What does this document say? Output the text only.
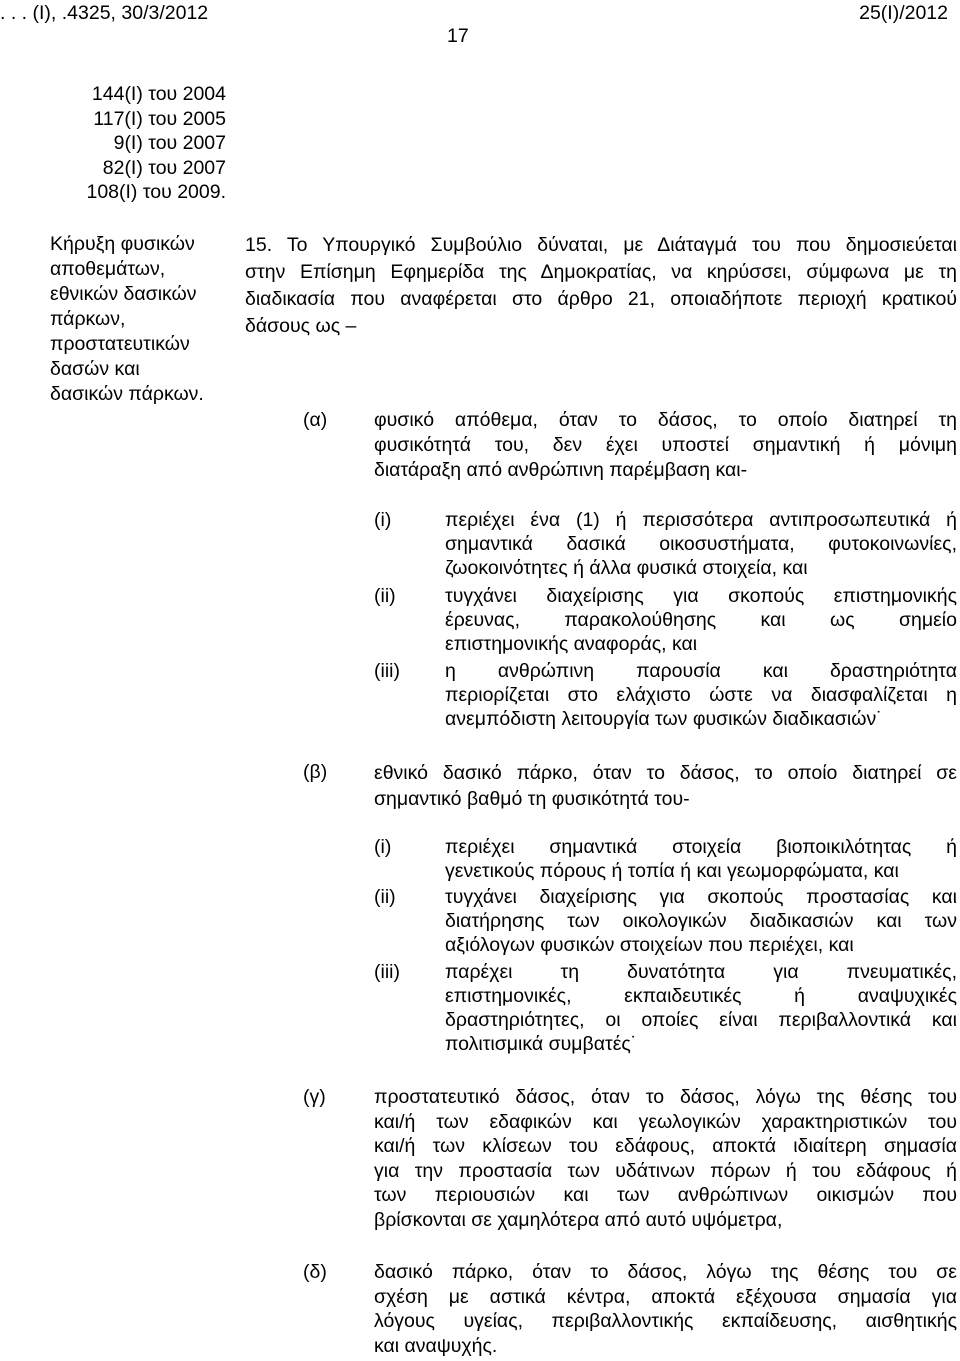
. . . (Ι), .4325, 30/3/2012	25(Ι)/2012
17
144(Ι) του 2004
117(Ι) του 2005
9(Ι) του 2007
82(Ι) του 2007
108(Ι) του 2009.
Κήρυξη φυσικών
αποθεμάτων,
εθνικών δασικών
πάρκων,
προστατευτικών
δασών και
δασικών πάρκων.
15. Το Υπουργικό Συμβούλιο δύναται, με Διάταγμά του που δημοσιεύεται
στην Επίσημη Εφημερίδα της Δημοκρατίας, να κηρύσσει, σύμφωνα με τη
διαδικασία που αναφέρεται στο άρθρο 21, οποιαδήποτε περιοχή κρατικού
δάσους ως –
(α) φυσικό απόθεμα, όταν το δάσος, το οποίο διατηρεί τη
φυσικότητά του, δεν έχει υποστεί σημαντική ή μόνιμη
διατάραξη από ανθρώπινη παρέμβαση και-
(i)	περιέχει ένα (1) ή περισσότερα αντιπροσωπευτικά ή
σημαντικά δασικά οικοσυστήματα, φυτοκοινωνίες,
ζωοκοινότητες ή άλλα φυσικά στοιχεία, και
(ii)	τυγχάνει διαχείρισης για σκοπούς επιστημονικής
έρευνας, παρακολούθησης και ως σημείο
επιστημονικής αναφοράς, και
(iii) η ανθρώπινη παρουσία και δραστηριότητα
περιορίζεται στο ελάχιστο ώστε να διασφαλίζεται η
ανεμπόδιστη λειτουργία των φυσικών διαδικασιών˙
(β) εθνικό δασικό πάρκο, όταν το δάσος, το οποίο διατηρεί σε
σημαντικό βαθμό τη φυσικότητά του-
(i)	περιέχει σημαντικά στοιχεία βιοποικιλότητας ή
γενετικούς πόρους ή τοπία ή και γεωμορφώματα, και
(ii)	τυγχάνει διαχείρισης για σκοπούς προστασίας και
διατήρησης των οικολογικών διαδικασιών και των
αξιόλογων φυσικών στοιχείων που περιέχει, και
(iii) παρέχει τη δυνατότητα για πνευματικές,
επιστημονικές, εκπαιδευτικές ή αναψυχικές
δραστηριότητες, οι οποίες είναι περιβαλλοντικά και
πολιτισμικά συμβατές˙
(γ) προστατευτικό δάσος, όταν το δάσος, λόγω της θέσης του
και/ή των εδαφικών και γεωλογικών χαρακτηριστικών του
και/ή των κλίσεων του εδάφους, αποκτά ιδιαίτερη σημασία
για την προστασία των υδάτινων πόρων ή του εδάφους ή
των περιουσιών και των ανθρώπινων οικισμών που
βρίσκονται σε χαμηλότερα από αυτό υψόμετρα,
(δ) δασικό πάρκο, όταν το δάσος, λόγω της θέσης του σε
σχέση με αστικά κέντρα, αποκτά εξέχουσα σημασία για
λόγους υγείας, περιβαλλοντικής εκπαίδευσης, αισθητικής
και αναψυχής.
